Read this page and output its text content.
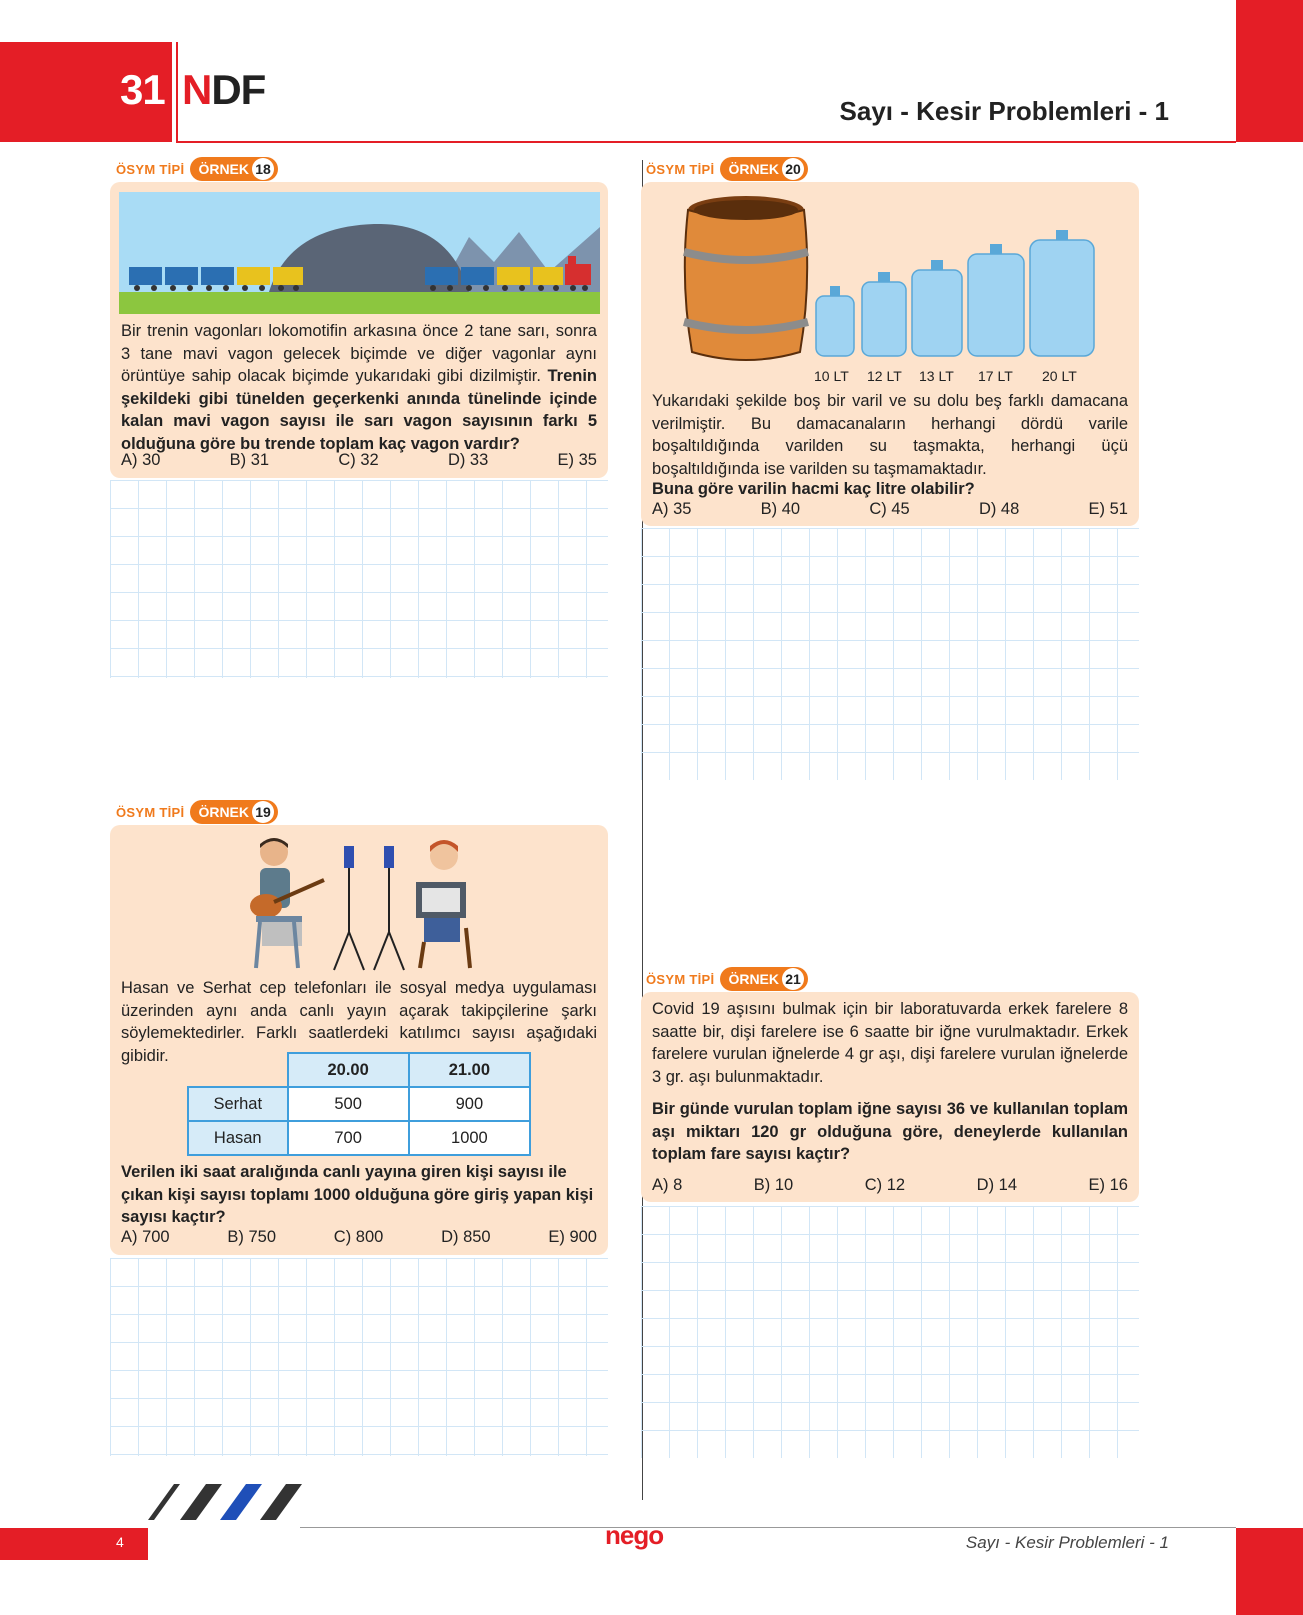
31 NDF	Sayı - Kesir Problemleri - 1
ÖSYM TİPİ ÖRNEK 18
Bir trenin vagonları lokomotifin arkasına önce 2 tane sarı, sonra 3 tane mavi vagon gelecek biçimde ve diğer vagonlar aynı örüntüye sahip olacak biçimde yukarıdaki gibi dizilmiştir. Trenin şekildeki gibi tünelden geçerkenki anında tünelinde içinde kalan mavi vagon sayısı ile sarı vagon sayısının farkı 5 olduğuna göre bu trende toplam kaç vagon vardır?
A) 30	B) 31	C) 32	D) 33	E) 35
ÖSYM TİPİ ÖRNEK 19
Hasan ve Serhat cep telefonları ile sosyal medya uygulaması üzerinden aynı anda canlı yayın açarak takipçilerine şarkı söylemektedirler. Farklı saatlerdeki katılımcı sayısı aşağıdaki gibidir.
	20.00	21.00
Serhat	500	900
Hasan	700	1000
Verilen iki saat aralığında canlı yayına giren kişi sayısı ile çıkan kişi sayısı toplamı 1000 olduğuna göre giriş yapan kişi sayısı kaçtır?
A) 700	B) 750	C) 800	D) 850	E) 900
ÖSYM TİPİ ÖRNEK 20
10 LT 12 LT 13 LT 17 LT 20 LT
Yukarıdaki şekilde boş bir varil ve su dolu beş farklı damacana verilmiştir. Bu damacanaların herhangi dördü varile boşaltıldığında varilden su taşmakta, herhangi üçü boşaltıldığında ise varilden su taşmamaktadır.
Buna göre varilin hacmi kaç litre olabilir?
A) 35	B) 40	C) 45	D) 48	E) 51
ÖSYM TİPİ ÖRNEK 21
Covid 19 aşısını bulmak için bir laboratuvarda erkek farelere 8 saatte bir, dişi farelere ise 6 saatte bir iğne vurulmaktadır. Erkek farelere vurulan iğnelerde 4 gr aşı, dişi farelere vurulan iğnelerde 3 gr. aşı bulunmaktadır.
Bir günde vurulan toplam iğne sayısı 36 ve kullanılan toplam aşı miktarı 120 gr olduğuna göre, deneylerde kullanılan toplam fare sayısı kaçtır?
A) 8	B) 10	C) 12	D) 14	E) 16
4	nego	Sayı - Kesir Problemleri - 1
